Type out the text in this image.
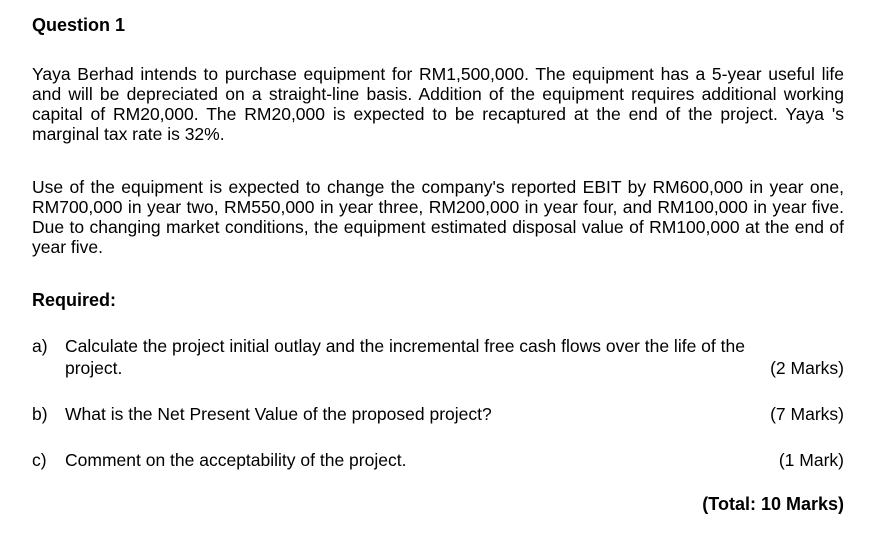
Question 1
Yaya Berhad intends to purchase equipment for RM1,500,000. The equipment has a 5-year useful life and will be depreciated on a straight-line basis. Addition of the equipment requires additional working capital of RM20,000. The RM20,000 is expected to be recaptured at the end of the project. Yaya 's marginal tax rate is 32%.
Use of the equipment is expected to change the company's reported EBIT by RM600,000 in year one, RM700,000 in year two, RM550,000 in year three, RM200,000 in year four, and RM100,000 in year five. Due to changing market conditions, the equipment estimated disposal value of RM100,000 at the end of year five.
Required:
a) Calculate the project initial outlay and the incremental free cash flows over the life of the
project.	(2 Marks)
b) What is the Net Present Value of the proposed project?	(7 Marks)
c) Comment on the acceptability of the project.	(1 Mark)
(Total: 10 Marks)
